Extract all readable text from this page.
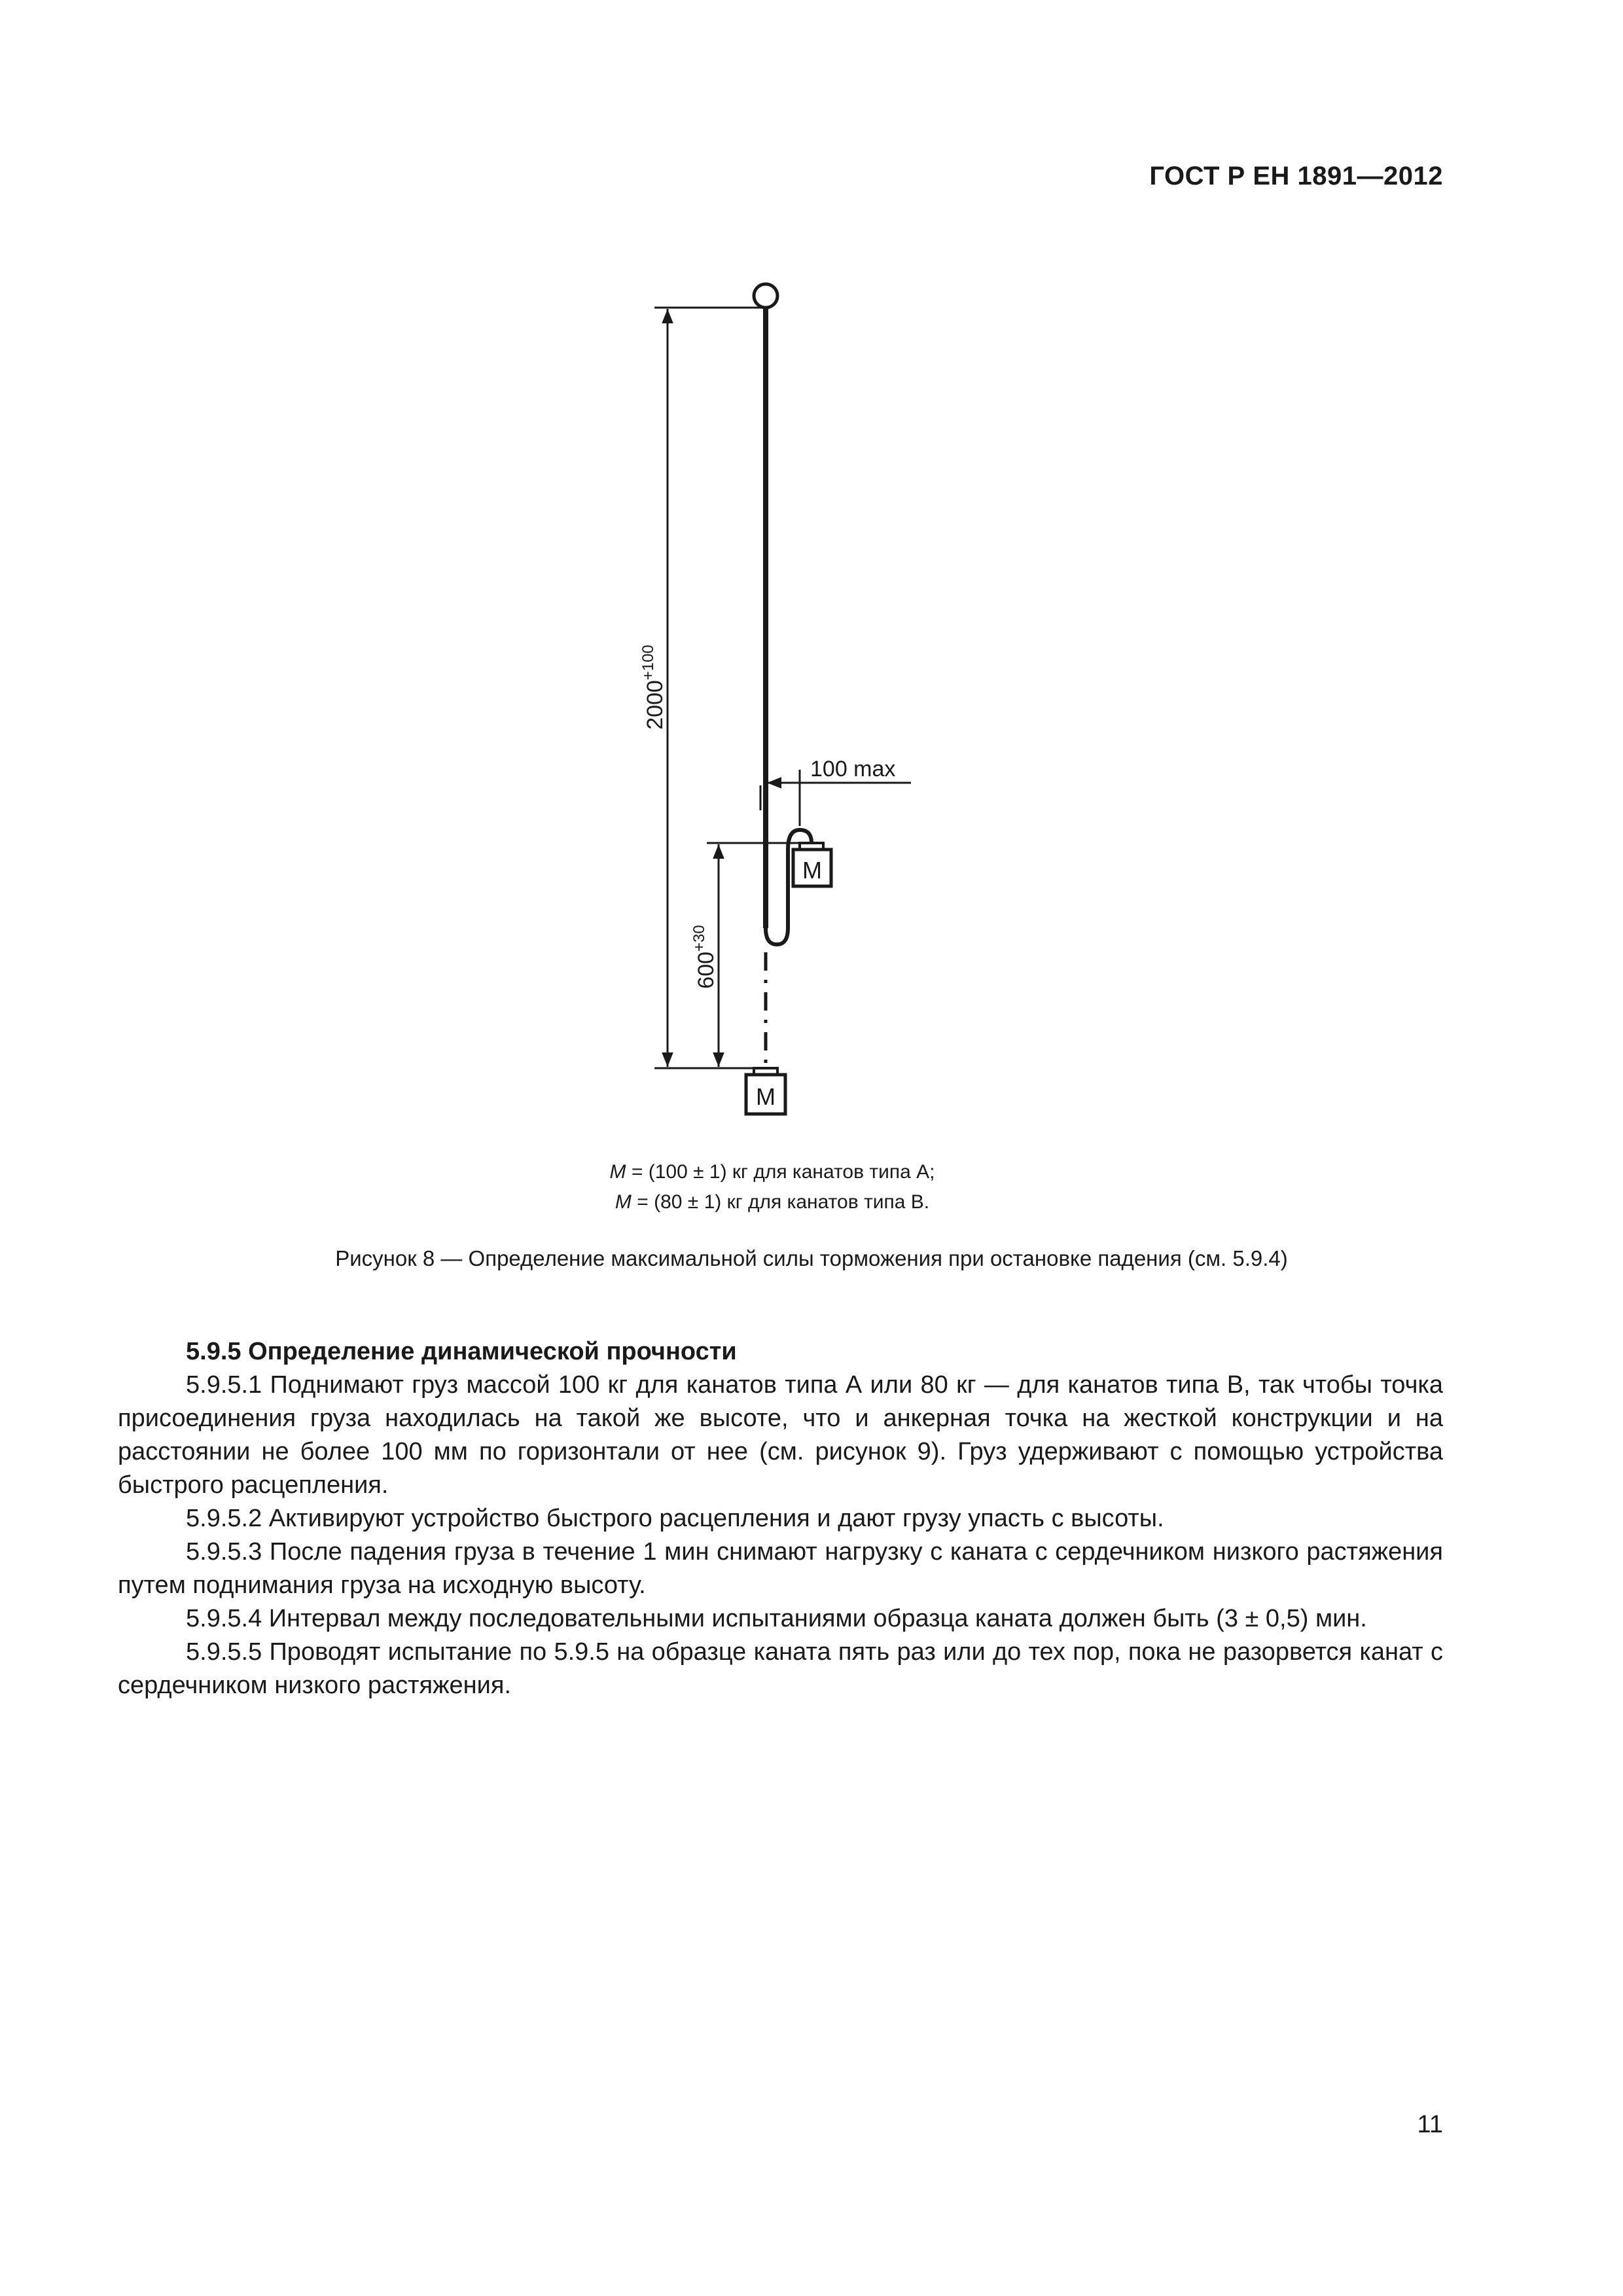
ГОСТ Р ЕН 1891—2012
M
M
$2000^{+100}$
$600^{+30}$
100 max
M = (100 ± 1) кг для канатов типа А;
M = (80 ± 1) кг для канатов типа В.
Рисунок 8 — Определение максимальной силы торможения при остановке падения (см. 5.9.4)

5.9.5 Определение динамической прочности

5.9.5.1 Поднимают груз массой 100 кг для канатов типа А или 80 кг — для канатов типа В, так чтобы точка присоединения груза находилась на такой же высоте, что и анкерная точка на жесткой конструкции и на расстоянии не более 100 мм по горизонтали от нее (см. рисунок 9). Груз удерживают с помощью устройства быстрого расцепления.

5.9.5.2 Активируют устройство быстрого расцепления и дают грузу упасть с высоты.

5.9.5.3 После падения груза в течение 1 мин снимают нагрузку с каната с сердечником низкого растяжения путем поднимания груза на исходную высоту.

5.9.5.4 Интервал между последовательными испытаниями образца каната должен быть (3 ± 0,5) мин.

5.9.5.5 Проводят испытание по 5.9.5 на образце каната пять раз или до тех пор, пока не разорвется канат с сердечником низкого растяжения.

11
